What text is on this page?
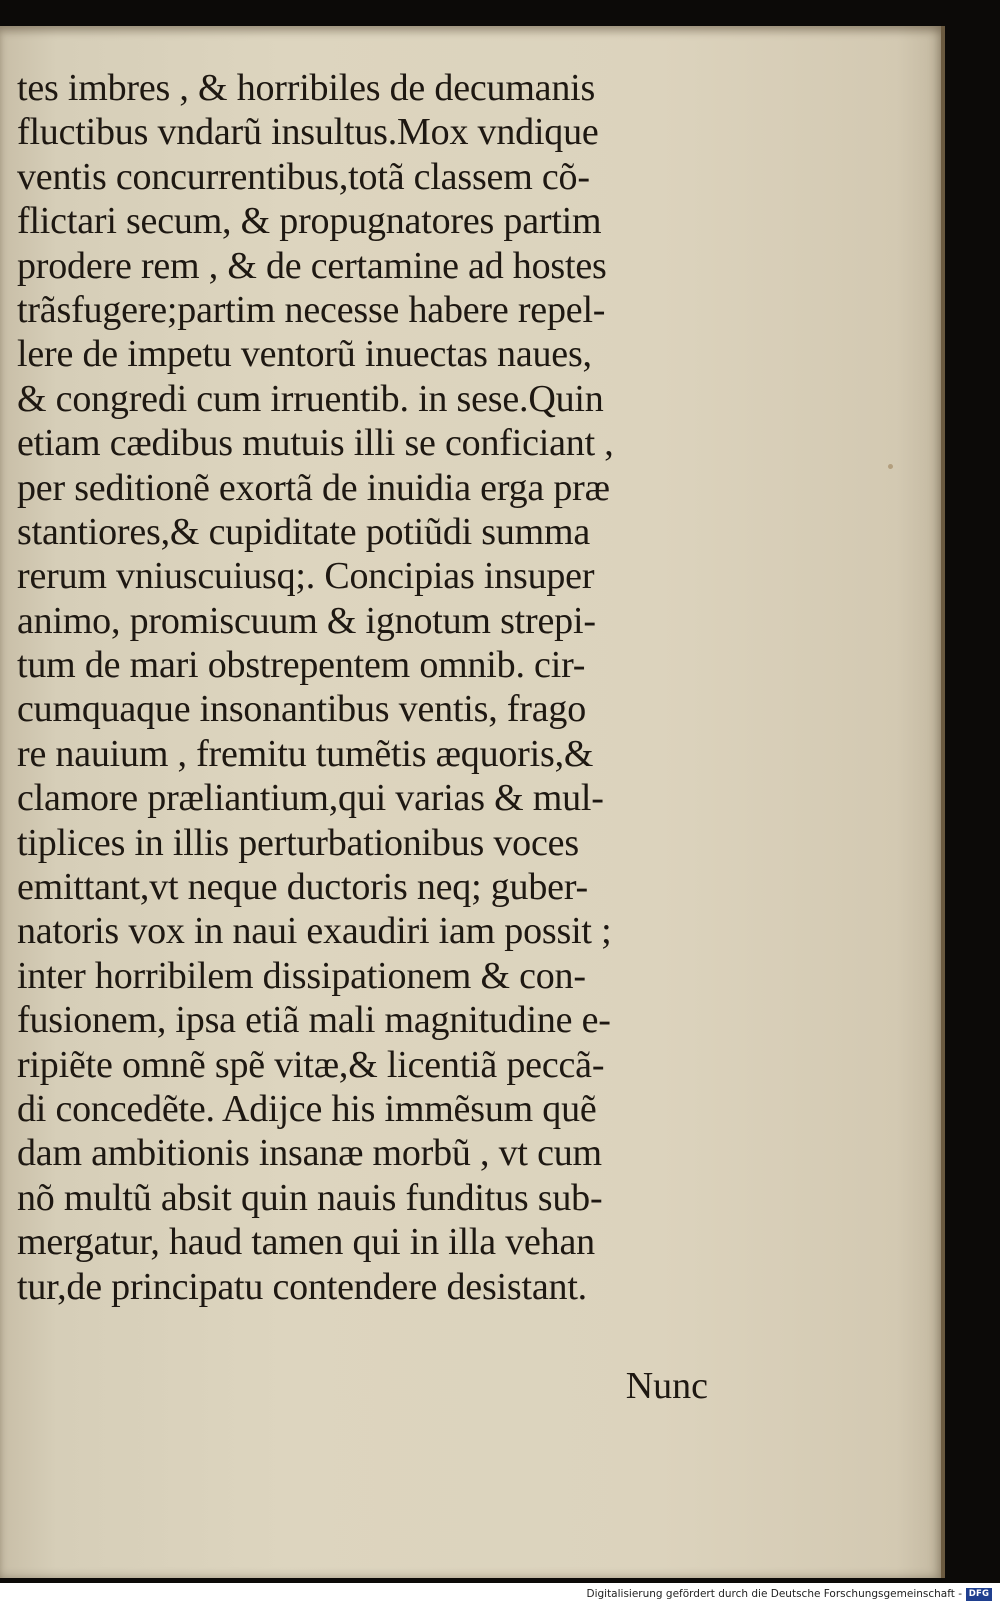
tes imbres , & horribiles de decumanis
fluctibus vndarũ insultus.Mox vndique
ventis concurrentibus,totã classem cõ-
flictari secum, & propugnatores partim
prodere rem , & de certamine ad hostes
trãsfugere;partim necesse habere repel-
lere de impetu ventorũ inuectas naues,
& congredi cum irruentib. in sese.Quin
etiam cædibus mutuis illi se conficiant ,
per seditionẽ exortã de inuidia erga præ
stantiores,& cupiditate potiũdi summa
rerum vniuscuiusq;. Concipias insuper
animo, promiscuum & ignotum strepi-
tum de mari obstrepentem omnib. cir-
cumquaque insonantibus ventis, frago
re nauium , fremitu tumẽtis æquoris,&
clamore præliantium,qui varias & mul-
tiplices in illis perturbationibus voces
emittant,vt neque ductoris neq; guber-
natoris vox in naui exaudiri iam possit ;
inter horribilem dissipationem & con-
fusionem, ipsa etiã mali magnitudine e-
ripiẽte omnẽ spẽ vitæ,& licentiã peccã-
di concedẽte. Adijce his immẽsum quẽ
dam ambitionis insanæ morbũ , vt cum
nõ multũ absit quin nauis funditus sub-
mergatur, haud tamen qui in illa vehan
tur,de principatu contendere desistant.
Nunc
Digitalisierung gefördert durch die Deutsche Forschungsgemeinschaft - DFG
